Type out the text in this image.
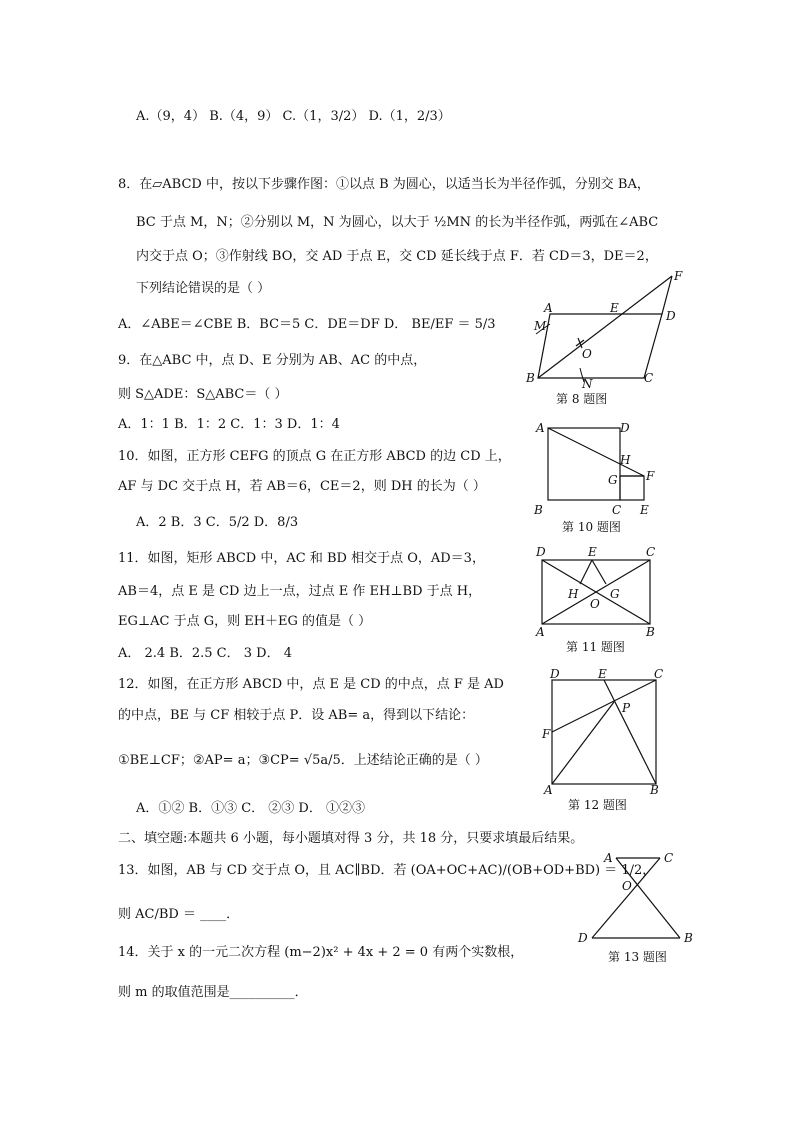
A.（9，4） B.（4，9） C.（1，3/2） D.（1，2/3）
8．在▱ABCD 中，按以下步骤作图：①以点 B 为圆心，以适当长为半径作弧，分别交 BA，
BC 于点 M，N；②分别以 M，N 为圆心，以大于 ½MN 的长为半径作弧，两弧在∠ABC
内交于点 O；③作射线 BO，交 AD 于点 E，交 CD 延长线于点 F．若 CD＝3，DE＝2，
下列结论错误的是（ ）
A．∠ABE＝∠CBE B．BC＝5 C．DE＝DF D． BE/EF ＝ 5/3
9．在△ABC 中，点 D、E 分别为 AB、AC 的中点，
则 S△ADE：S△ABC＝（ ）
A．1：1 B．1：2 C．1：3 D．1：4
10．如图，正方形 CEFG 的顶点 G 在正方形 ABCD 的边 CD 上，
AF 与 DC 交于点 H，若 AB＝6，CE＝2，则 DH 的长为（ ）
A．2 B．3 C．5/2 D．8/3
11．如图，矩形 ABCD 中，AC 和 BD 相交于点 O，AD＝3，
AB＝4，点 E 是 CD 边上一点，过点 E 作 EH⊥BD 于点 H，
EG⊥AC 于点 G，则 EH＋EG 的值是（ ）
A． 2.4 B．2.5 C． 3 D． 4
12．如图，在正方形 ABCD 中，点 E 是 CD 的中点，点 F 是 AD
的中点，BE 与 CF 相较于点 P．设 AB= a，得到以下结论：
①BE⊥CF；②AP= a；③CP= √5a/5．上述结论正确的是（ ）
A．①② B．①③ C． ②③ D． ①②③
二、填空题:本题共 6 小题，每小题填对得 3 分，共 18 分，只要求填最后结果。
13．如图，AB 与 CD 交于点 O，且 AC∥BD．若 (OA+OC+AC)/(OB+OD+BD) ＝ 1/2，
则 AC/BD ＝ ____．
14．关于 x 的一元二次方程 (m−2)x² + 4x + 2 = 0 有两个实数根，
则 m 的取值范围是__________．
A	E
D
F
M
O
B	N	C
第 8 题图
A	D
H
F
G
B	C E
第 10 题图
D	E	C
H	G
O
A	B
第 11 题图
D	E	C
P
F
A	B
第 12 题图
A	C
O
D	B
第 13 题图
